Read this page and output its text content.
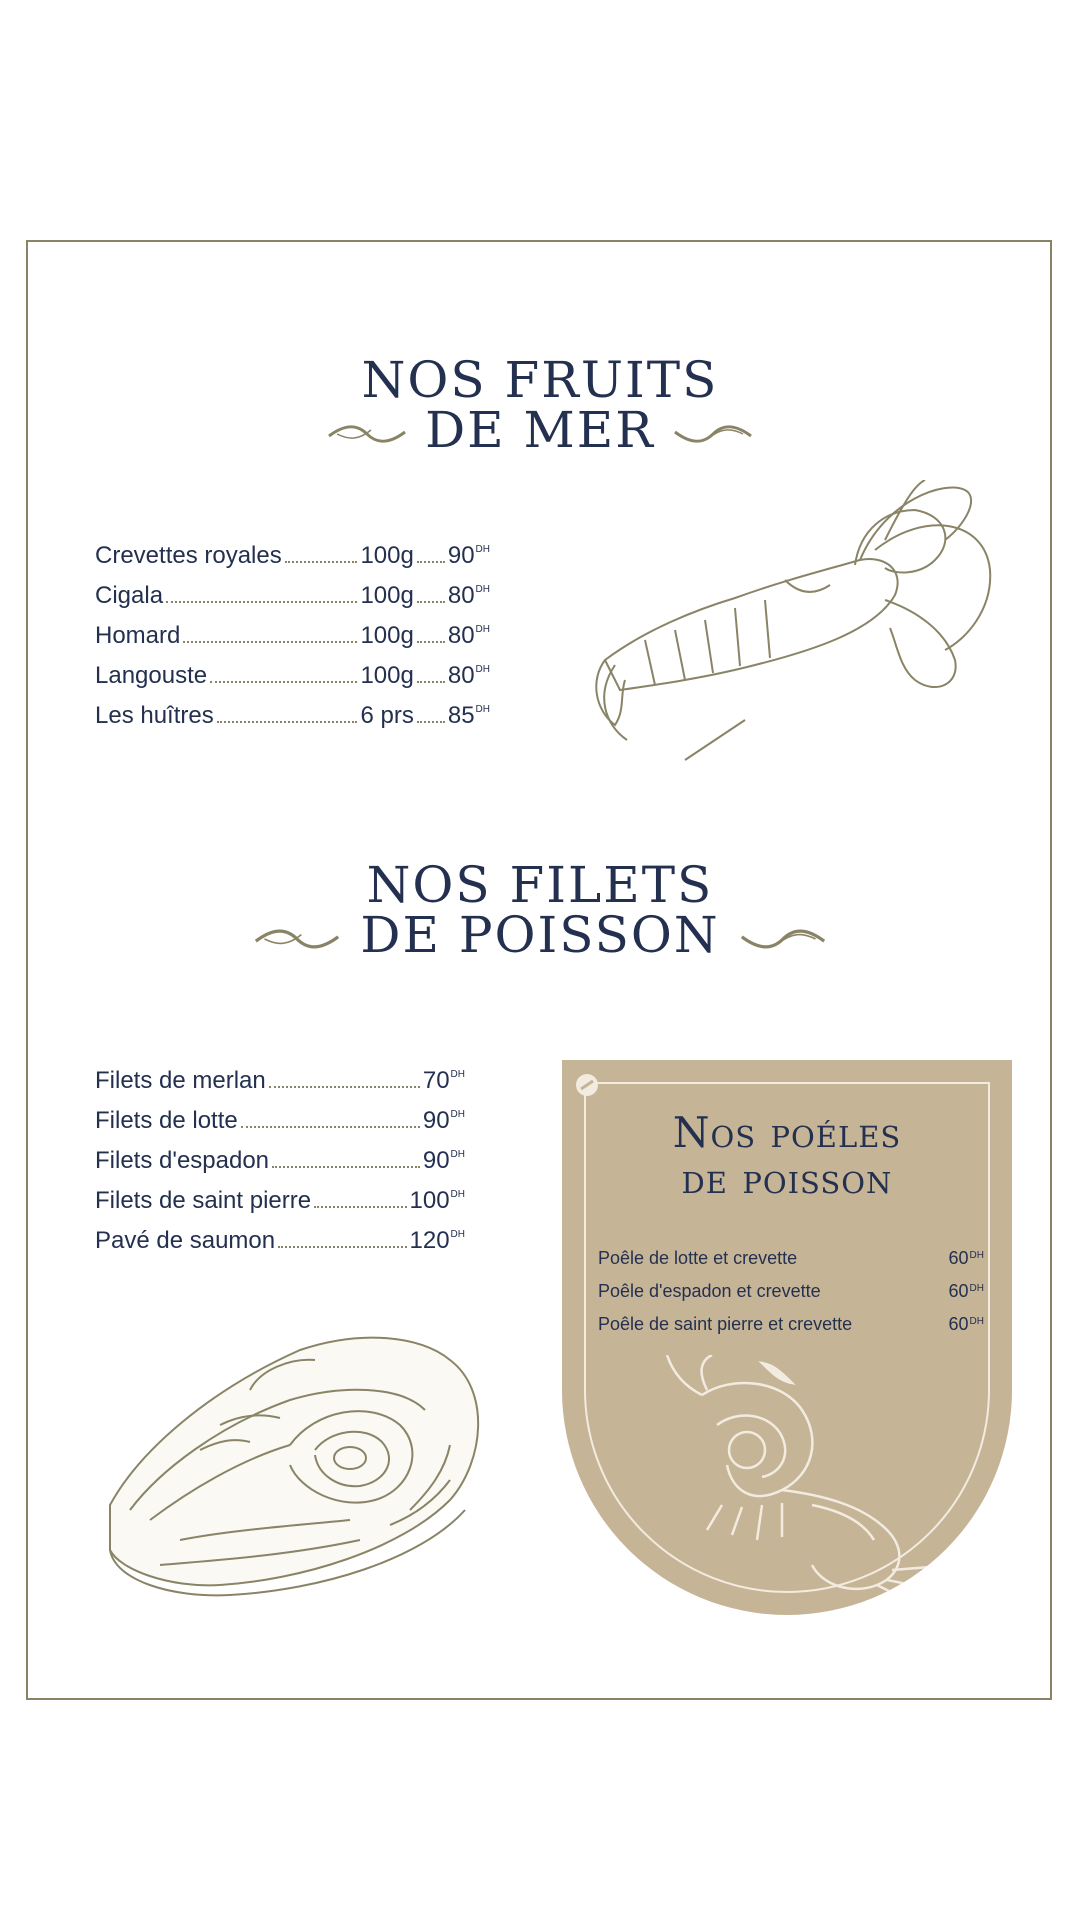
NOS FRUITS
DE MER
Crevettes royales	100g $90^{DH}$
Cigala	100g $80^{DH}$
Homard	100g $80^{DH}$
Langouste	100g $80^{DH}$
Les huîtres	6 prs $85^{DH}$
NOS FILETS
DE POISSON
Filets de merlan	$70^{DH}$
Filets de lotte	$90^{DH}$
Filets d'espadon	$90^{DH}$
Filets de saint pierre	$100^{DH}$
Pavé de saumon	$120^{DH}$
Nos poéles
de poisson
Poêle de lotte et crevette	$60^{DH}$
Poêle d'espadon et crevette	$60^{DH}$
Poêle de saint pierre et crevette	$60^{DH}$
